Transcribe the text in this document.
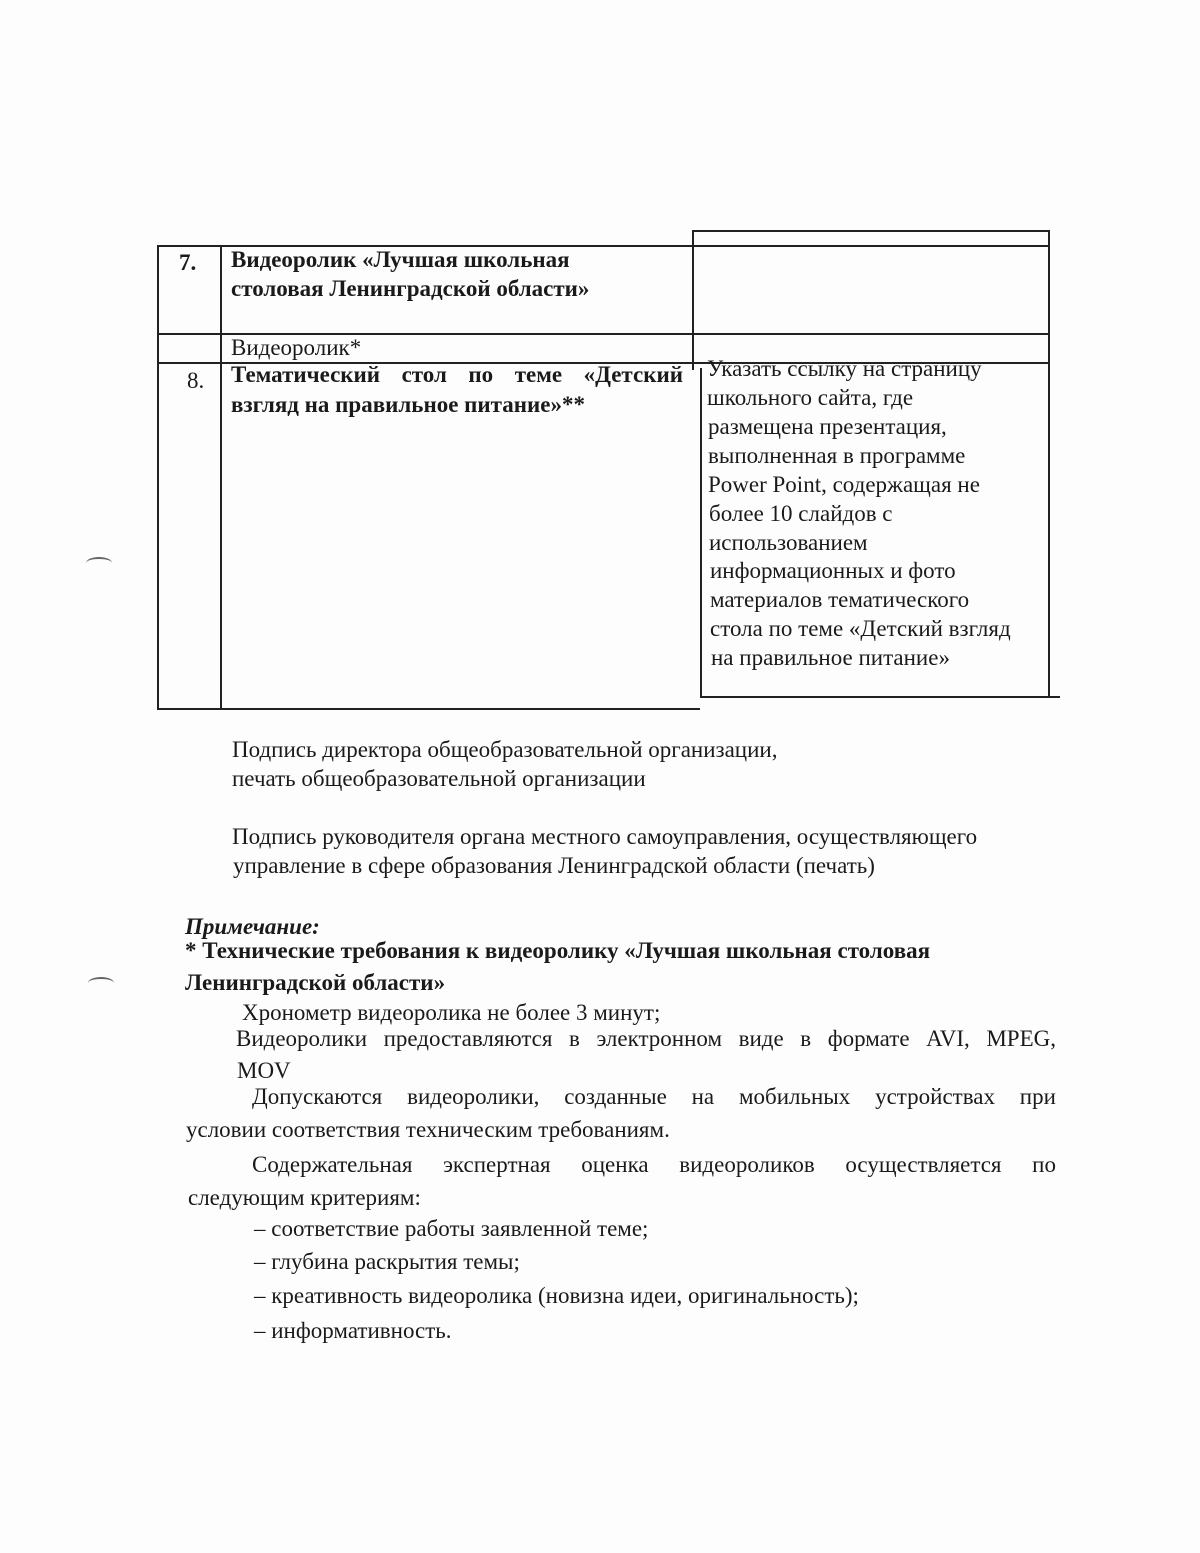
7. Видеоролик «Лучшая школьная
столовая Ленинградской области»
Видеоролик*
8. Тематический стол по теме «Детский
взгляд на правильное питание»**
Указать ссылку на страницу
школьного сайта, где
размещена презентация,
выполненная в программе
Power Point, содержащая не
более 10 слайдов с
использованием
информационных и фото
материалов тематического
стола по теме «Детский взгляд
на правильное питание»
Подпись директора общеобразовательной организации,
печать общеобразовательной организации
Подпись руководителя органа местного самоуправления, осуществляющего
управление в сфере образования Ленинградской области (печать)
Примечание:
* Технические требования к видеоролику «Лучшая школьная столовая
Ленинградской области»
Хронометр видеоролика не более 3 минут;
Видеоролики предоставляются в электронном виде в формате AVI, MPEG,
MOV
Допускаются видеоролики, созданные на мобильных устройствах при
условии соответствия техническим требованиям.
Содержательная экспертная оценка видеороликов осуществляется по
следующим критериям:
– соответствие работы заявленной теме;
– глубина раскрытия темы;
– креативность видеоролика (новизна идеи, оригинальность);
– информативность.
